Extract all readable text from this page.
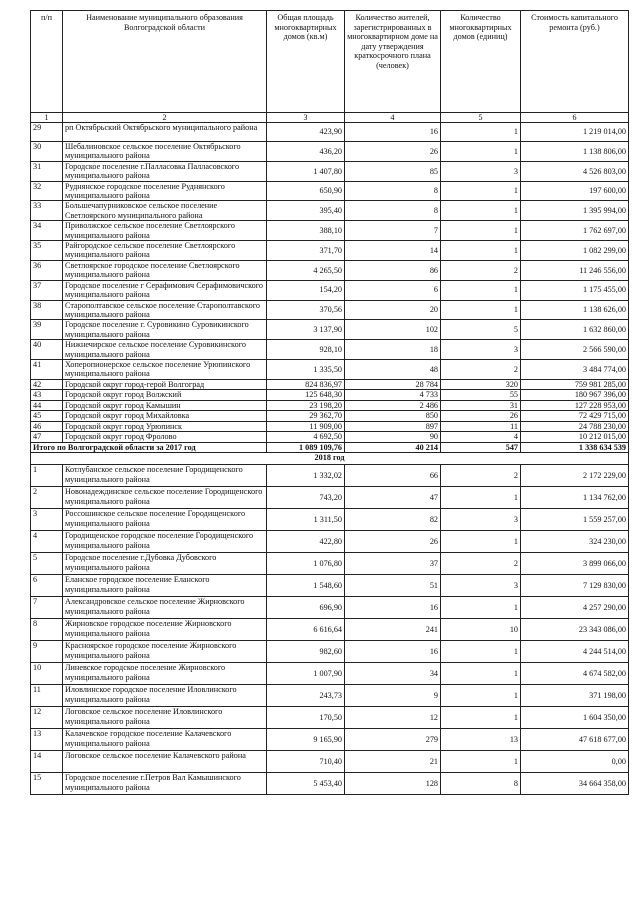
п/п	Наименование муниципального образования Волгоградской области	Общая площадь многоквартирных домов (кв.м)	Количество жителей, зарегистрированных в многоквартирном доме на дату утверждения краткосрочного плана (человек)	Количество многоквартирных домов (единиц)	Стоимость капитального ремонта (руб.)
1	2	3	4	5	6
29	рп Октябрьский Октябрьского муниципального района	423,90	16	1	1 219 014,00
30	Шебалиновское сельское поселение Октябрьского муниципального района	436,20	26	1	1 138 806,00
31	Городское поселение г.Палласовка Палласовского муниципального района	1 407,80	85	3	4 526 803,00
32	Руднянское городское поселение Руднянского муниципального района	650,90	8	1	197 600,00
33	Большечапурниковское сельское поселение Светлоярского муниципального района	395,40	8	1	1 395 994,00
34	Приволжское сельское поселение Светлоярского муниципального района	388,10	7	1	1 762 697,00
35	Райгородское сельское поселение Светлоярского муниципального района	371,70	14	1	1 082 299,00
36	Светлоярское городское поселение Светлоярского муниципального района	4 265,50	86	2	11 246 556,00
37	Городское поселение г Серафимович Серафимовичского муниципального района	154,20	6	1	1 175 455,00
38	Старополтавское сельское поселение Старополтавского муниципального района	370,56	20	1	1 138 626,00
39	Городское поселение г. Суровикино Суровикинского муниципального района	3 137,90	102	5	1 632 860,00
40	Нижнечирское сельское поселение Суровикинского муниципального района	928,10	18	3	2 566 590,00
41	Хоперопионерское сельское поселение Урюпинского муниципального района	1 335,50	48	2	3 484 774,00
42	Городской округ город-герой Волгоград	824 836,97	28 784	320	759 981 285,00
43	Городской округ город Волжский	125 648,30	4 733	55	180 967 396,00
44	Городской округ город Камышин	23 198,20	2 486	31	127 228 953,00
45	Городской округ город Михайловка	29 362,70	850	26	72 429 715,00
46	Городской округ город Урюпинск	11 909,00	897	11	24 788 230,00
47	Городской округ город Фролово	4 692,50	90	4	10 212 015,00
Итого по Волгоградской области за 2017 год		1 089 109,76	40 214	547	1 338 634 539
2018 год					
1	Котлубанское сельское поселение Городищенского муниципального района	1 332,02	66	2	2 172 229,00
2	Новонадеждинское сельское поселение Городищенского муниципального района	743,20	47	1	1 134 762,00
3	Россошинское сельское поселение Городищенского муниципального района	1 311,50	82	3	1 559 257,00
4	Городищенское городское поселение Городищенского муниципального района	422,80	26	1	324 230,00
5	Городское поселение г.Дубовка Дубовского муниципального района	1 076,80	37	2	3 899 066,00
6	Еланское городское поселение Еланского муниципального района	1 548,60	51	3	7 129 830,00
7	Александровское сельское поселение Жирновского муниципального района	696,90	16	1	4 257 290,00
8	Жирновское городское поселение Жирновского муниципального района	6 616,64	241	10	23 343 086,00
9	Красноярское городское поселение Жирновского муниципального района	982,60	16	1	4 244 514,00
10	Линевское городское поселение Жирновского муниципального района	1 007,90	34	1	4 674 582,00
11	Иловлинское городское поселение Иловлинского муниципального района	243,73	9	1	371 198,00
12	Логовское сельское поселение Иловлинского муниципального района	170,50	12	1	1 604 350,00
13	Калачевское городское поселение Калачевского муниципального района	9 165,90	279	13	47 618 677,00
14	Логовское сельское поселение Калачевского района	710,40	21	1	0,00
15	Городское поселение г.Петров Вал Камышинского муниципального района	5 453,40	128	8	34 664 358,00
